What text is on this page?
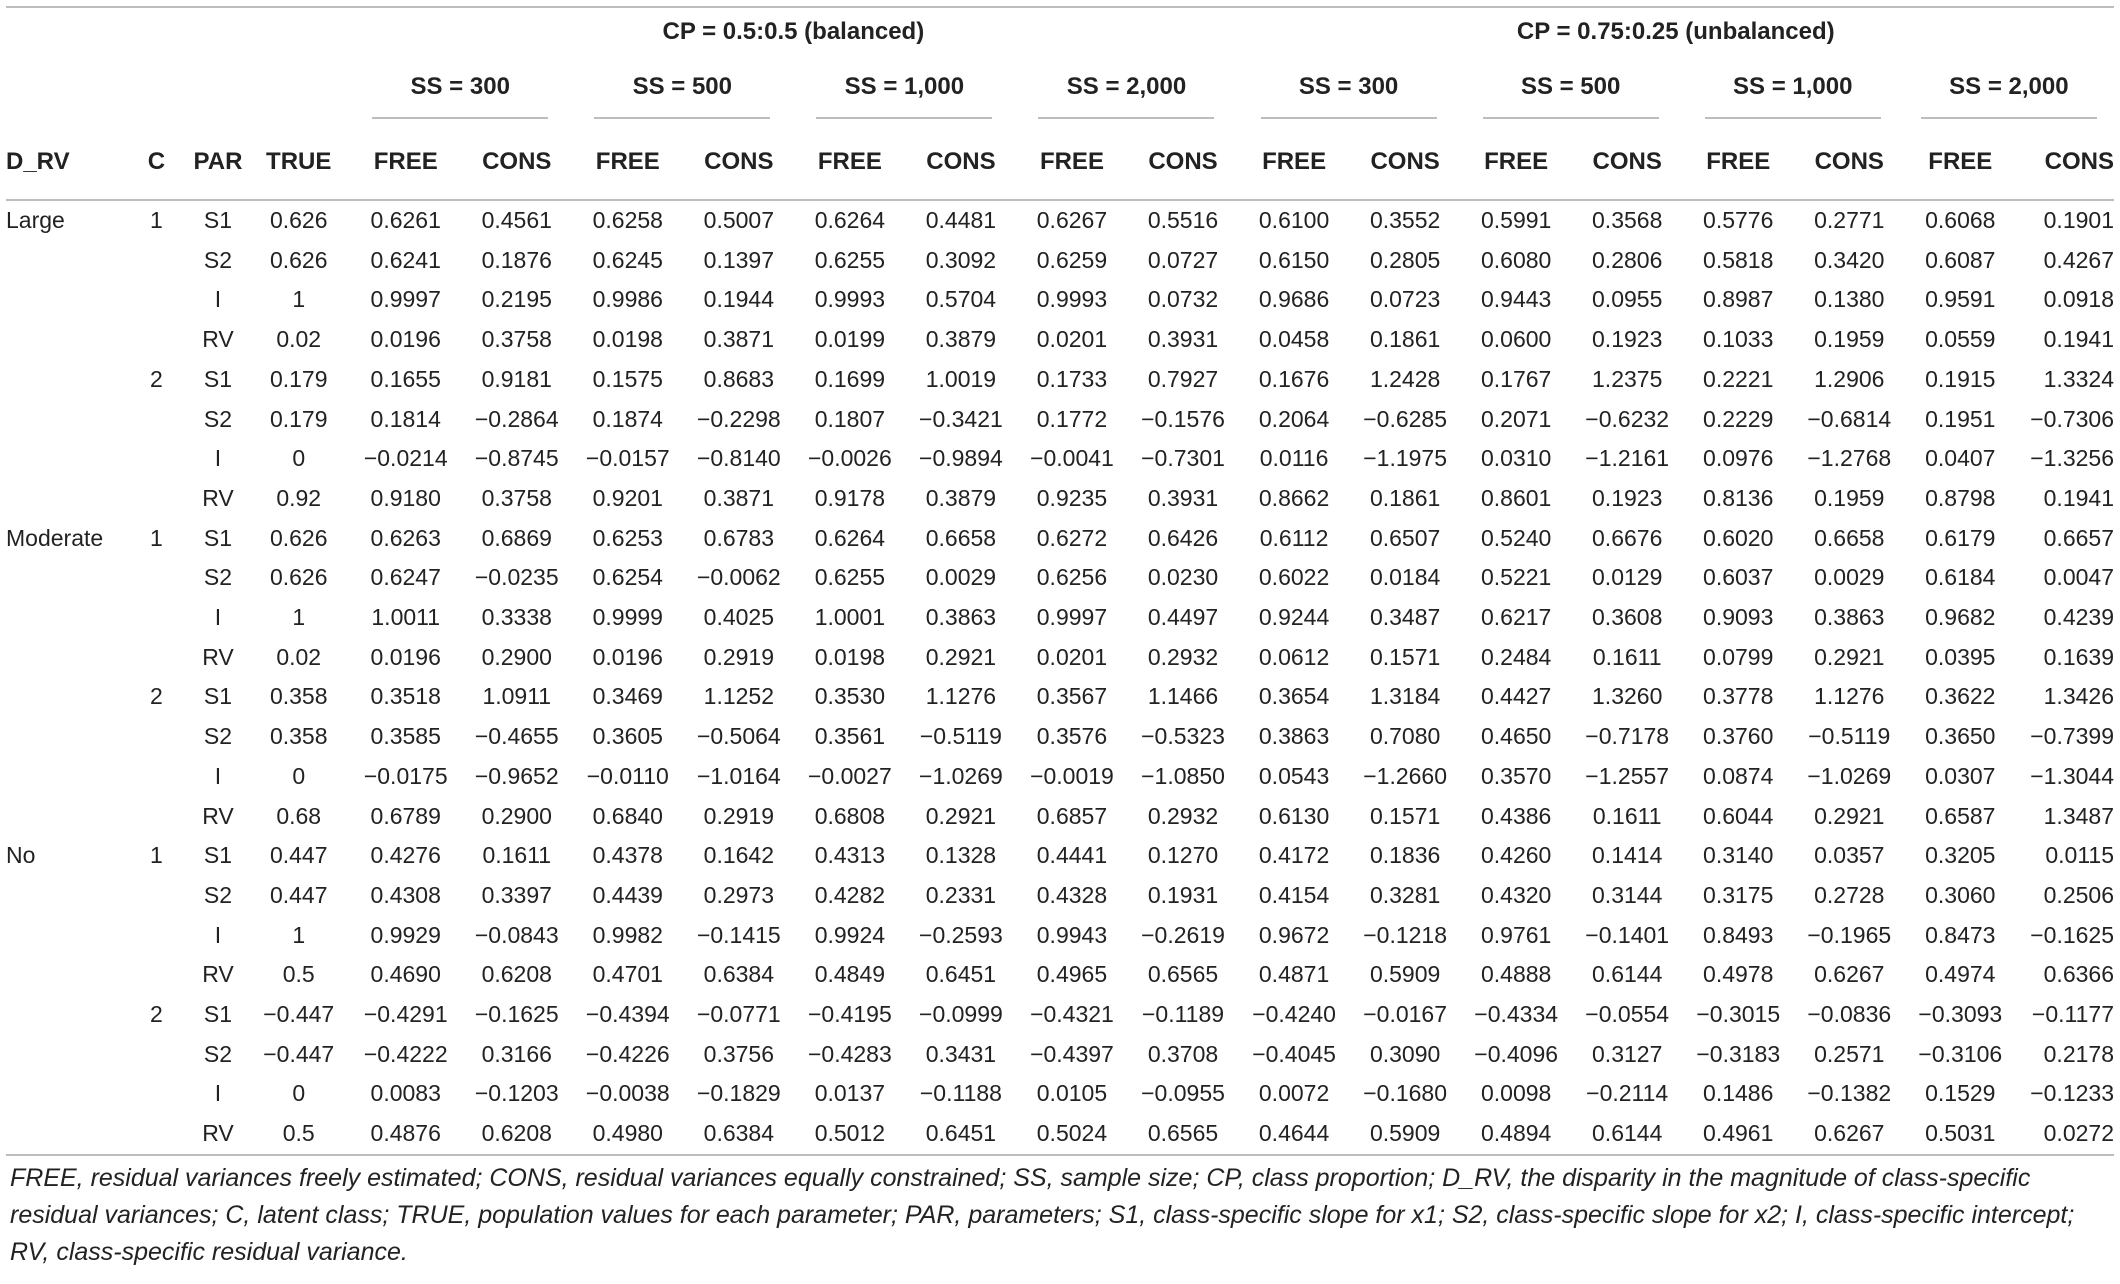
				CP = 0.5:0.5 (balanced)								CP = 0.75:0.25 (unbalanced)							
				SS = 300		SS = 500		SS = 1,000		SS = 2,000		SS = 300		SS = 500		SS = 1,000		SS = 2,000	
D_RV	C	PAR	TRUE	FREE	CONS	FREE	CONS	FREE	CONS	FREE	CONS	FREE	CONS	FREE	CONS	FREE	CONS	FREE	CONS
Large	1	S1	0.626	0.6261	0.4561	0.6258	0.5007	0.6264	0.4481	0.6267	0.5516	0.6100	0.3552	0.5991	0.3568	0.5776	0.2771	0.6068	0.1901
		S2	0.626	0.6241	0.1876	0.6245	0.1397	0.6255	0.3092	0.6259	0.0727	0.6150	0.2805	0.6080	0.2806	0.5818	0.3420	0.6087	0.4267
		I	1	0.9997	0.2195	0.9986	0.1944	0.9993	0.5704	0.9993	0.0732	0.9686	0.0723	0.9443	0.0955	0.8987	0.1380	0.9591	0.0918
		RV	0.02	0.0196	0.3758	0.0198	0.3871	0.0199	0.3879	0.0201	0.3931	0.0458	0.1861	0.0600	0.1923	0.1033	0.1959	0.0559	0.1941
	2	S1	0.179	0.1655	0.9181	0.1575	0.8683	0.1699	1.0019	0.1733	0.7927	0.1676	1.2428	0.1767	1.2375	0.2221	1.2906	0.1915	1.3324
		S2	0.179	0.1814	−0.2864	0.1874	−0.2298	0.1807	−0.3421	0.1772	−0.1576	0.2064	−0.6285	0.2071	−0.6232	0.2229	−0.6814	0.1951	−0.7306
		I	0	−0.0214	−0.8745	−0.0157	−0.8140	−0.0026	−0.9894	−0.0041	−0.7301	0.0116	−1.1975	0.0310	−1.2161	0.0976	−1.2768	0.0407	−1.3256
		RV	0.92	0.9180	0.3758	0.9201	0.3871	0.9178	0.3879	0.9235	0.3931	0.8662	0.1861	0.8601	0.1923	0.8136	0.1959	0.8798	0.1941
Moderate	1	S1	0.626	0.6263	0.6869	0.6253	0.6783	0.6264	0.6658	0.6272	0.6426	0.6112	0.6507	0.5240	0.6676	0.6020	0.6658	0.6179	0.6657
		S2	0.626	0.6247	−0.0235	0.6254	−0.0062	0.6255	0.0029	0.6256	0.0230	0.6022	0.0184	0.5221	0.0129	0.6037	0.0029	0.6184	0.0047
		I	1	1.0011	0.3338	0.9999	0.4025	1.0001	0.3863	0.9997	0.4497	0.9244	0.3487	0.6217	0.3608	0.9093	0.3863	0.9682	0.4239
		RV	0.02	0.0196	0.2900	0.0196	0.2919	0.0198	0.2921	0.0201	0.2932	0.0612	0.1571	0.2484	0.1611	0.0799	0.2921	0.0395	0.1639
	2	S1	0.358	0.3518	1.0911	0.3469	1.1252	0.3530	1.1276	0.3567	1.1466	0.3654	1.3184	0.4427	1.3260	0.3778	1.1276	0.3622	1.3426
		S2	0.358	0.3585	−0.4655	0.3605	−0.5064	0.3561	−0.5119	0.3576	−0.5323	0.3863	0.7080	0.4650	−0.7178	0.3760	−0.5119	0.3650	−0.7399
		I	0	−0.0175	−0.9652	−0.0110	−1.0164	−0.0027	−1.0269	−0.0019	−1.0850	0.0543	−1.2660	0.3570	−1.2557	0.0874	−1.0269	0.0307	−1.3044
		RV	0.68	0.6789	0.2900	0.6840	0.2919	0.6808	0.2921	0.6857	0.2932	0.6130	0.1571	0.4386	0.1611	0.6044	0.2921	0.6587	1.3487
No	1	S1	0.447	0.4276	0.1611	0.4378	0.1642	0.4313	0.1328	0.4441	0.1270	0.4172	0.1836	0.4260	0.1414	0.3140	0.0357	0.3205	0.0115
		S2	0.447	0.4308	0.3397	0.4439	0.2973	0.4282	0.2331	0.4328	0.1931	0.4154	0.3281	0.4320	0.3144	0.3175	0.2728	0.3060	0.2506
		I	1	0.9929	−0.0843	0.9982	−0.1415	0.9924	−0.2593	0.9943	−0.2619	0.9672	−0.1218	0.9761	−0.1401	0.8493	−0.1965	0.8473	−0.1625
		RV	0.5	0.4690	0.6208	0.4701	0.6384	0.4849	0.6451	0.4965	0.6565	0.4871	0.5909	0.4888	0.6144	0.4978	0.6267	0.4974	0.6366
	2	S1	−0.447	−0.4291	−0.1625	−0.4394	−0.0771	−0.4195	−0.0999	−0.4321	−0.1189	−0.4240	−0.0167	−0.4334	−0.0554	−0.3015	−0.0836	−0.3093	−0.1177
		S2	−0.447	−0.4222	0.3166	−0.4226	0.3756	−0.4283	0.3431	−0.4397	0.3708	−0.4045	0.3090	−0.4096	0.3127	−0.3183	0.2571	−0.3106	0.2178
		I	0	0.0083	−0.1203	−0.0038	−0.1829	0.0137	−0.1188	0.0105	−0.0955	0.0072	−0.1680	0.0098	−0.2114	0.1486	−0.1382	0.1529	−0.1233
		RV	0.5	0.4876	0.6208	0.4980	0.6384	0.5012	0.6451	0.5024	0.6565	0.4644	0.5909	0.4894	0.6144	0.4961	0.6267	0.5031	0.0272
FREE, residual variances freely estimated; CONS, residual variances equally constrained; SS, sample size; CP, class proportion; D_RV, the disparity in the magnitude of class-specific residual variances; C, latent class; TRUE, population values for each parameter; PAR, parameters; S1, class-specific slope for x1; S2, class-specific slope for x2; I, class-specific intercept; RV, class-specific residual variance.
